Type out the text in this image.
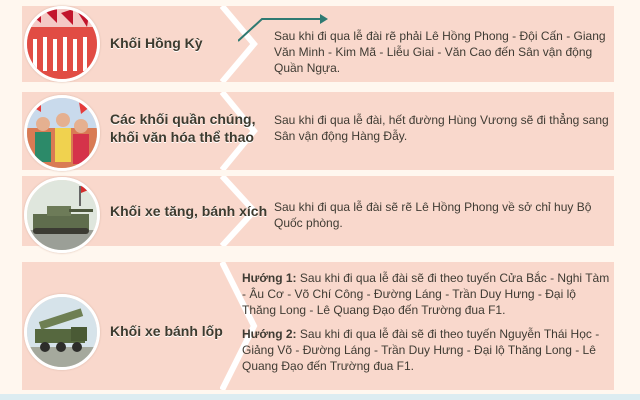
Khối Hồng Kỳ
Các khối quần chúng,
khối văn hóa thể thao
Khối xe tăng, bánh xích
Khối xe bánh lốp
Sau khi đi qua lễ đài rẽ phải Lê Hồng Phong - Đội Cấn - Giang Văn Minh - Kim Mã - Liễu Giai - Văn Cao đến Sân vận động Quần Ngựa.
Sau khi đi qua lễ đài, hết đường Hùng Vương sẽ đi thẳng sang Sân vận động Hàng Đẫy.
Sau khi đi qua lễ đài sẽ rẽ Lê Hồng Phong về sở chỉ huy Bộ Quốc phòng.

Hướng 1: Sau khi đi qua lễ đài sẽ đi theo tuyến Cửa Bắc - Nghi Tàm - Âu Cơ - Võ Chí Công - Đường Láng - Trần Duy Hưng - Đại lộ Thăng Long - Lê Quang Đạo đến Trường đua F1.

Hướng 2: Sau khi đi qua lễ đài sẽ đi theo tuyến Nguyễn Thái Học - Giảng Võ - Đường Láng - Trần Duy Hưng - Đại lộ Thăng Long - Lê Quang Đạo đến Trường đua F1.
